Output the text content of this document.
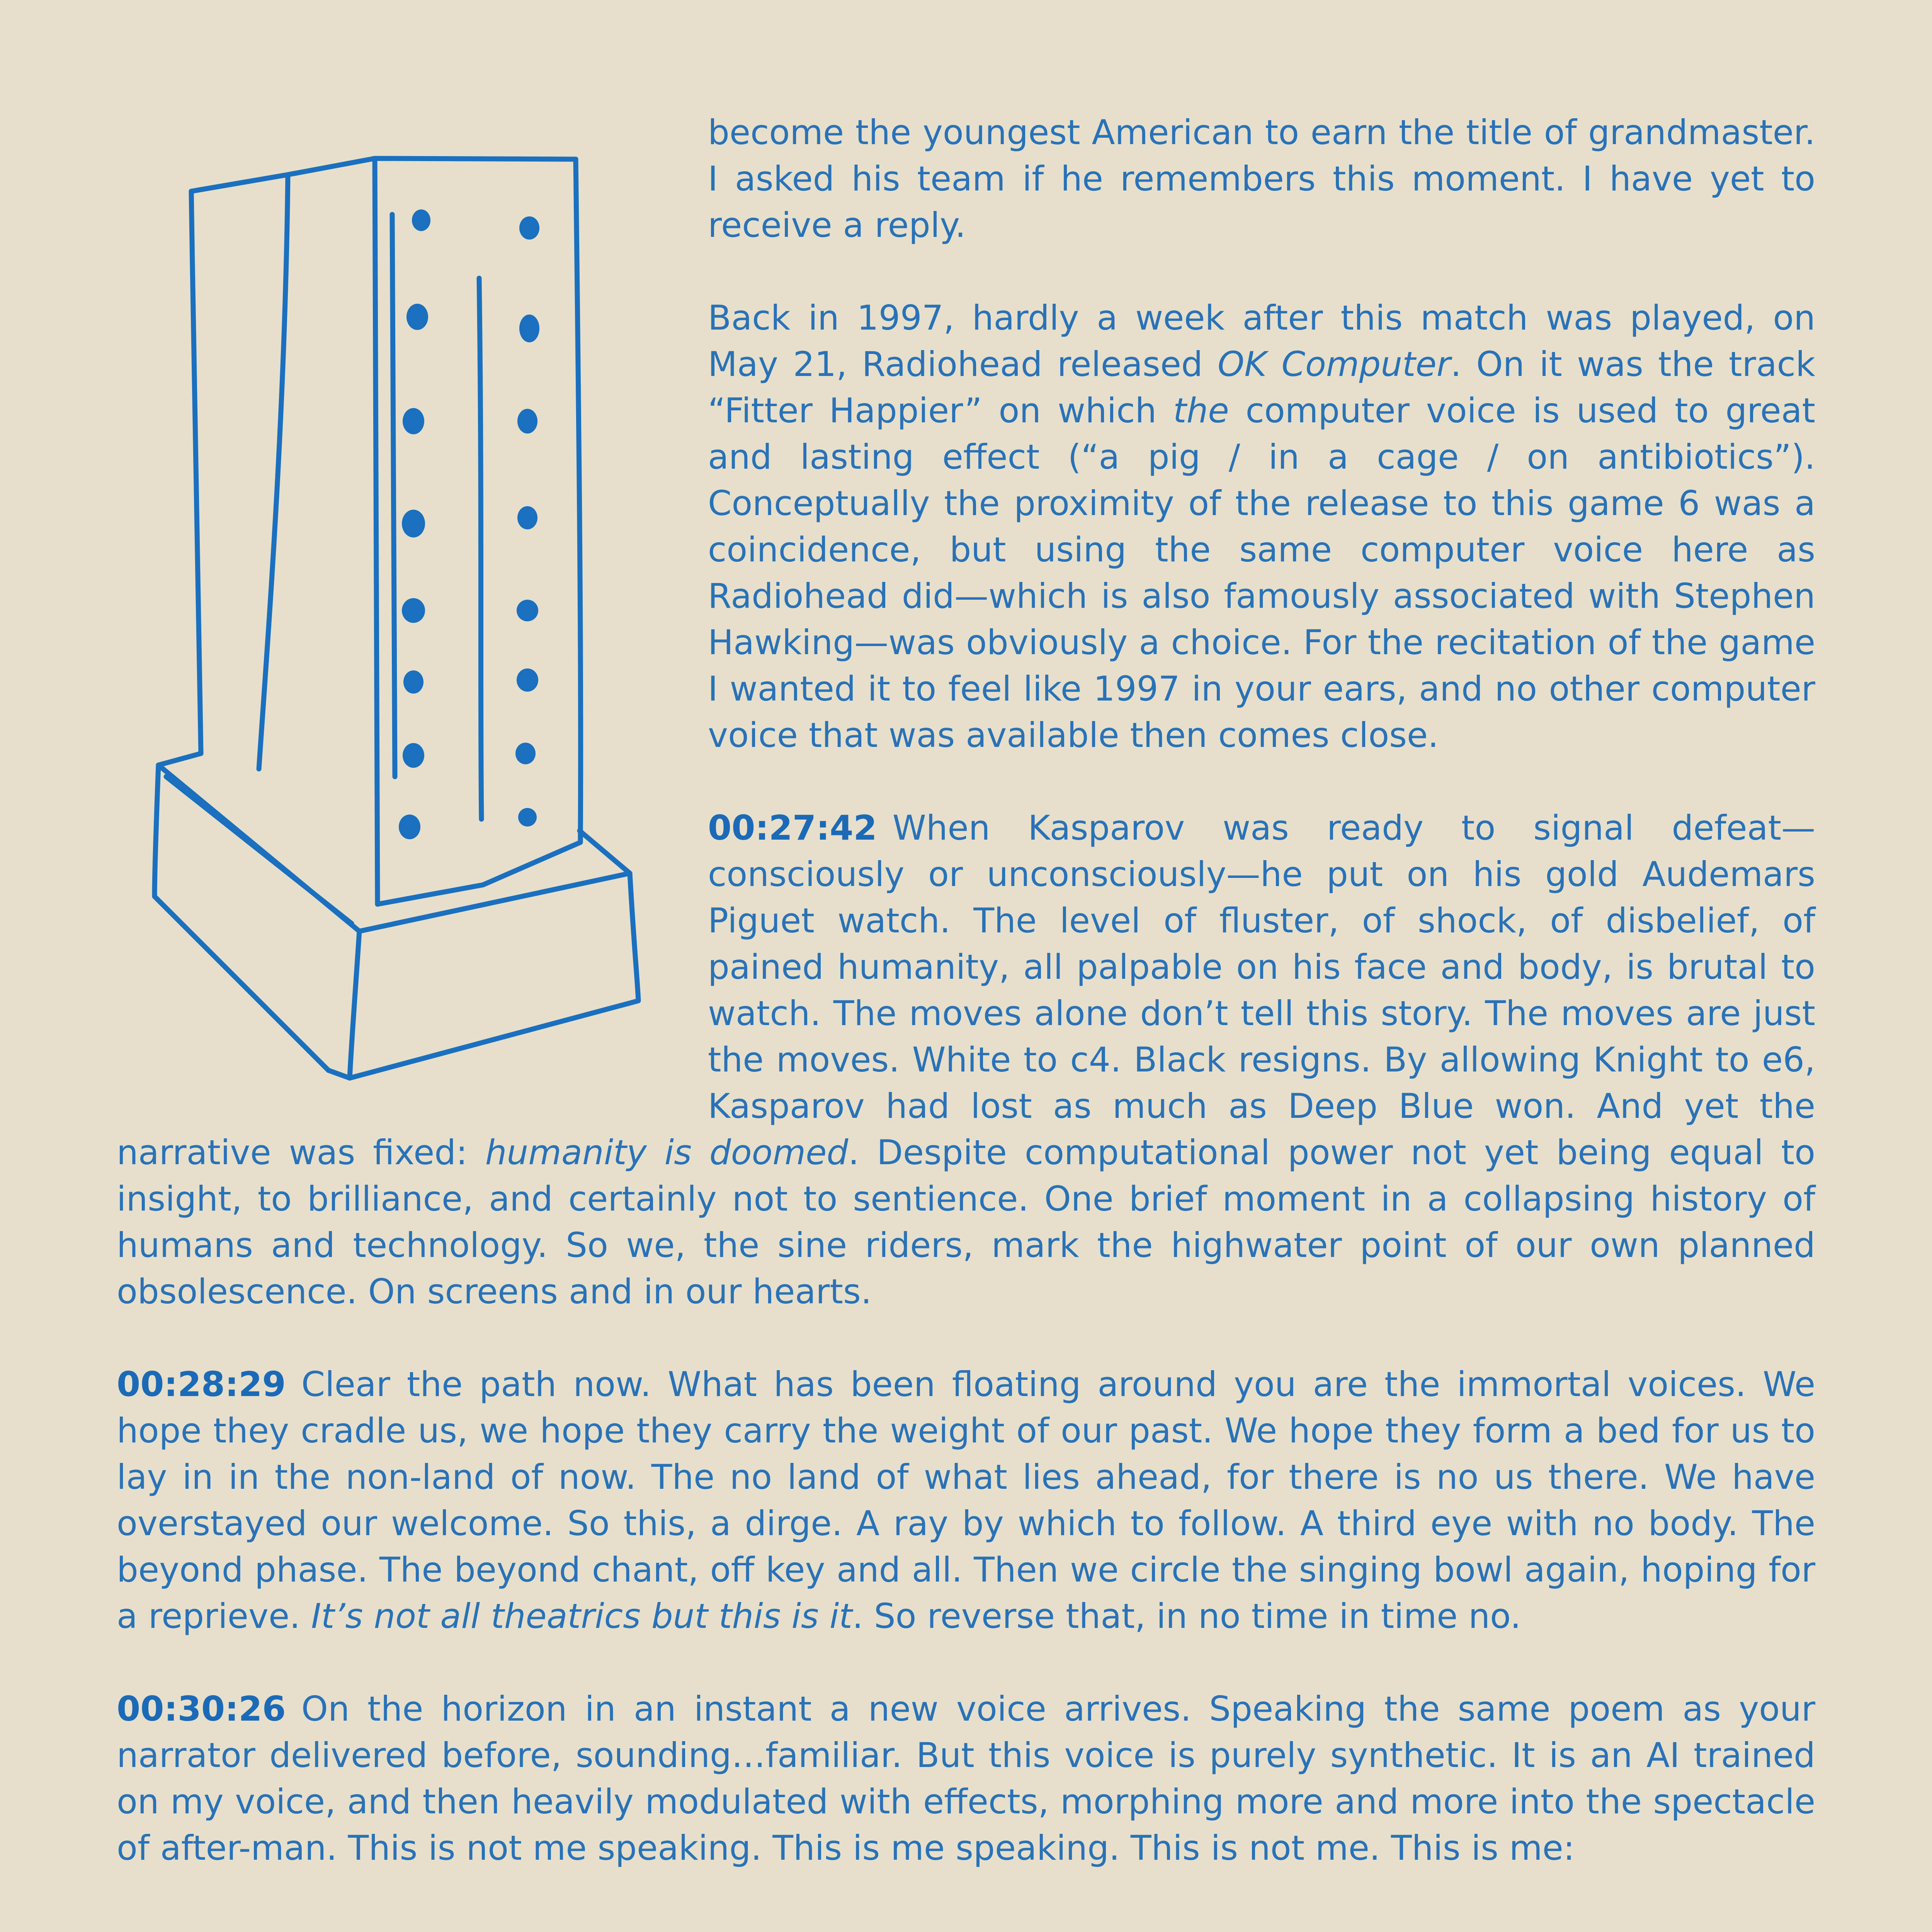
become the youngest American to earn the title of grandmaster. I asked his team if he remembers this moment. I have yet to receive a reply.

Back in 1997, hardly a week after this match was played, on May 21, Radiohead released OK Computer. On it was the track “Fitter Happier” on which the computer voice is used to great and lasting effect (“a pig / in a cage / on antibiotics”). Conceptually the proximity of the release to this game 6 was a coincidence, but using the same computer voice here as Radiohead did—which is also famously associated with Stephen Hawking—was obviously a choice. For the recitation of the game I wanted it to feel like 1997 in your ears, and no other computer voice that was available then comes close.

00:27:42 When Kasparov was ready to signal defeat—consciously or unconsciously—he put on his gold Audemars Piguet watch. The level of fluster, of shock, of disbelief, of pained humanity, all palpable on his face and body, is brutal to watch. The moves alone don’t tell this story. The moves are just the moves. White to c4. Black resigns. By allowing Knight to e6, Kasparov had lost as much as Deep Blue won. And yet the narrative was fixed: humanity is doomed. Despite computational power not yet being equal to insight, to brilliance, and certainly not to sentience. One brief moment in a collapsing history of humans and technology. So we, the sine riders, mark the highwater point of our own planned obsolescence. On screens and in our hearts.

00:28:29 Clear the path now. What has been floating around you are the immortal voices. We hope they cradle us, we hope they carry the weight of our past. We hope they form a bed for us to lay in in the non-land of now. The no land of what lies ahead, for there is no us there. We have overstayed our welcome. So this, a dirge. A ray by which to follow. A third eye with no body. The beyond phase. The beyond chant, off key and all. Then we circle the singing bowl again, hoping for a reprieve. It’s not all theatrics but this is it. So reverse that, in no time in time no.

00:30:26 On the horizon in an instant a new voice arrives. Speaking the same poem as your narrator delivered before, sounding…familiar. But this voice is purely synthetic. It is an AI trained on my voice, and then heavily modulated with effects, morphing more and more into the spectacle of after-man. This is not me speaking. This is me speaking. This is not me. This is me:
